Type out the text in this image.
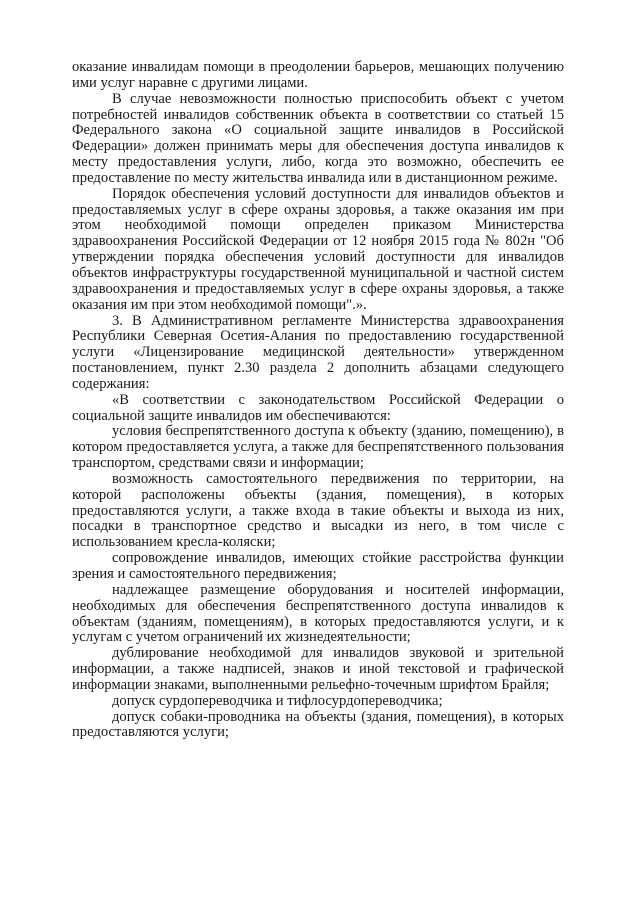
оказание инвалидам помощи в преодолении барьеров, мешающих получению ими услуг наравне с другими лицами.

В случае невозможности полностью приспособить объект с учетом потребностей инвалидов собственник объекта в соответствии со статьей 15 Федерального закона «О социальной защите инвалидов в Российской Федерации» должен принимать меры для обеспечения доступа инвалидов к месту предоставления услуги, либо, когда это возможно, обеспечить ее предоставление по месту жительства инвалида или в дистанционном режиме.

Порядок обеспечения условий доступности для инвалидов объектов и предоставляемых услуг в сфере охраны здоровья, а также оказания им при этом необходимой помощи определен приказом Министерства здравоохранения Российской Федерации от 12 ноября 2015 года № 802н "Об утверждении порядка обеспечения условий доступности для инвалидов объектов инфраструктуры государственной муниципальной и частной систем здравоохранения и предоставляемых услуг в сфере охраны здоровья, а также оказания им при этом необходимой помощи".».

3. В Административном регламенте Министерства здравоохранения Республики Северная Осетия-Алания по предоставлению государственной услуги «Лицензирование медицинской деятельности» утвержденном постановлением, пункт 2.30 раздела 2 дополнить абзацами следующего содержания:

«В соответствии с законодательством Российской Федерации о социальной защите инвалидов им обеспечиваются:

условия беспрепятственного доступа к объекту (зданию, помещению), в котором предоставляется услуга, а также для беспрепятственного пользования транспортом, средствами связи и информации;

возможность самостоятельного передвижения по территории, на которой расположены объекты (здания, помещения), в которых предоставляются услуги, а также входа в такие объекты и выхода из них, посадки в транспортное средство и высадки из него, в том числе с использованием кресла-коляски;

сопровождение инвалидов, имеющих стойкие расстройства функции зрения и самостоятельного передвижения;

надлежащее размещение оборудования и носителей информации, необходимых для обеспечения беспрепятственного доступа инвалидов к объектам (зданиям, помещениям), в которых предоставляются услуги, и к услугам с учетом ограничений их жизнедеятельности;

дублирование необходимой для инвалидов звуковой и зрительной информации, а также надписей, знаков и иной текстовой и графической информации знаками, выполненными рельефно-точечным шрифтом Брайля;

допуск сурдопереводчика и тифлосурдопереводчика;

допуск собаки-проводника на объекты (здания, помещения), в которых предоставляются услуги;
